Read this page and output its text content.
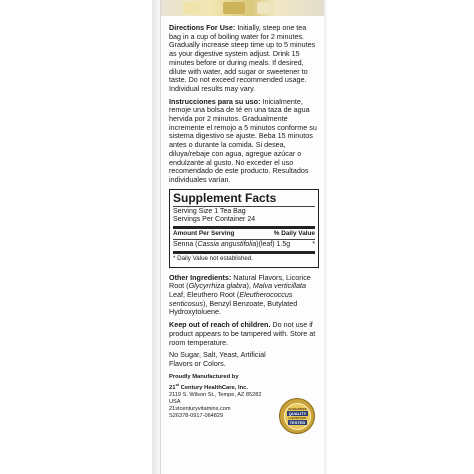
Directions For Use: Initially, steep one tea bag in a cup of boiling water for 2 minutes. Gradually increase steep time up to 5 minutes as your digestive system adjust. Drink 15 minutes before or during meals. If desired, dilute with water, add sugar or sweetener to taste. Do not exceed recommended usage. Individual results may vary.

Instrucciones para su uso: Inicialmente, remoje una bolsa de té en una taza de agua hervida por 2 minutos. Gradualmente incremente el remojo a 5 minutos conforme su sistema digestivo se ajuste. Beba 15 minutos antes o durante la comida. Si desea, diluya/rebaje con agua, agregue azúcar o endulzante al gusto. No exceder el uso recomendado de este producto. Resultados individuales varían.

Supplement Facts
Serving Size 1 Tea Bag
Servings Per Container 24
Amount Per Serving	% Daily Value
Senna (Cassia angustifolia)(leaf) 1.5g	*
* Daily Value not established.

Other Ingredients: Natural Flavors, Licorice Root (Glycyrrhiza glabra), Malva verticillata Leaf, Eleuthero Root (Eleutherococcus senticosus), Benzyl Benzoate, Butylated Hydroxytoluene.

Keep out of reach of children. Do not use if product appears to be tampered with. Store at room temperature.

No Sugar, Salt, Yeast, Artificial Flavors or Colors.

Proudly Manufactured by
21st Century HealthCare, Inc.
2119 S. Wilson St., Tempe, AZ 85282 USA
21stcenturyvitamins.com
S26378-0917-064829
GUARANTEED
QUALITY
LABORATORY
TESTED
